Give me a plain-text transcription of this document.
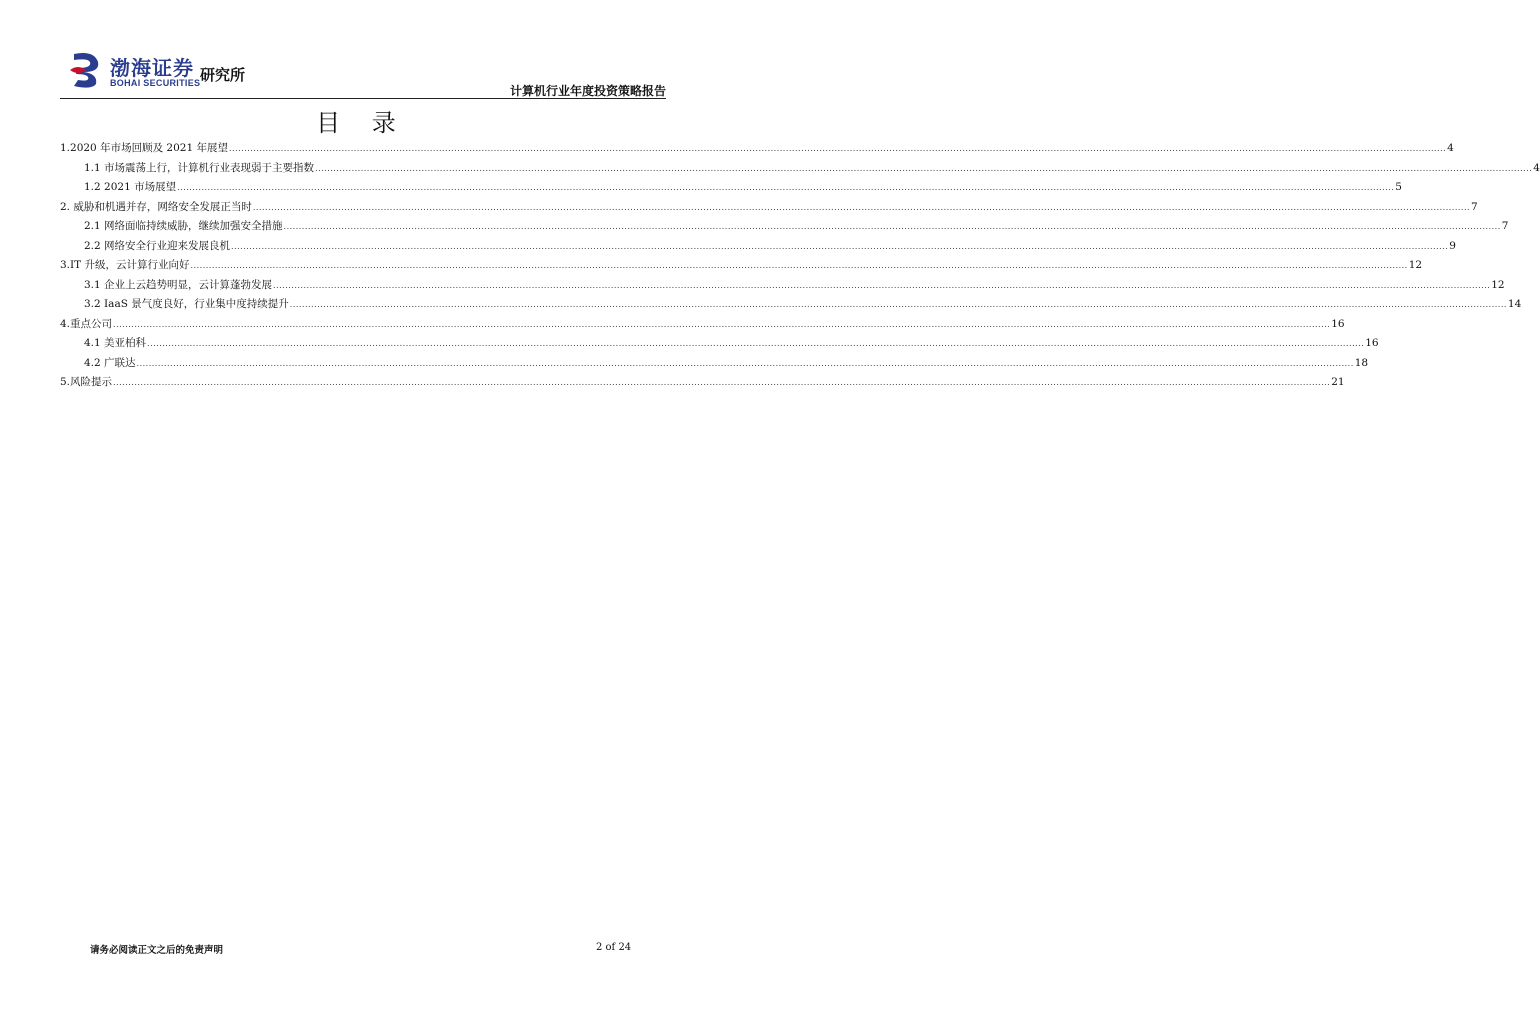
渤海证券
BOHAI SECURITIES 研究所
计算机行业年度投资策略报告
目 录
1.2020 年市场回顾及 2021 年展望 ................................................................................................................................................................................................................................................................................................................................................................................................................ 4
1.1 市场震荡上行，计算机行业表现弱于主要指数 ................................................................................................................................................................................................................................................................................................................................................................................................................ 4
1.2 2021 市场展望 ................................................................................................................................................................................................................................................................................................................................................................................................................ 5
2. 威胁和机遇并存，网络安全发展正当时 ................................................................................................................................................................................................................................................................................................................................................................................................................ 7
2.1 网络面临持续威胁，继续加强安全措施 ................................................................................................................................................................................................................................................................................................................................................................................................................ 7
2.2 网络安全行业迎来发展良机 ................................................................................................................................................................................................................................................................................................................................................................................................................ 9
3.IT 升级，云计算行业向好 ................................................................................................................................................................................................................................................................................................................................................................................................................ 12
3.1 企业上云趋势明显，云计算蓬勃发展 ................................................................................................................................................................................................................................................................................................................................................................................................................ 12
3.2 IaaS 景气度良好，行业集中度持续提升 ................................................................................................................................................................................................................................................................................................................................................................................................................ 14
4.重点公司 ................................................................................................................................................................................................................................................................................................................................................................................................................ 16
4.1 美亚柏科 ................................................................................................................................................................................................................................................................................................................................................................................................................ 16
4.2 广联达 ................................................................................................................................................................................................................................................................................................................................................................................................................ 18
5.风险提示 ................................................................................................................................................................................................................................................................................................................................................................................................................ 21
请务必阅读正文之后的免责声明	2 of 24
